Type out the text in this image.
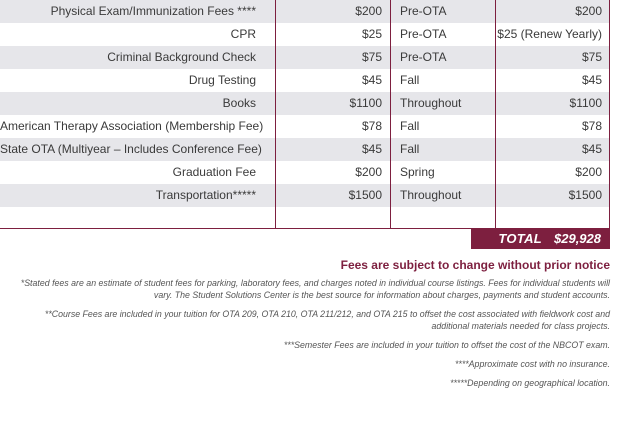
Physical Exam/Immunization Fees ****	$200 Pre-OTA	$200
CPR	$25 Pre-OTA	$25 (Renew Yearly)
Criminal Background Check	$75 Pre-OTA	$75
Drug Testing	$45 Fall	$45
Books	$1100 Throughout	$1100
American Therapy Association (Membership Fee)	$78 Fall	$78
State OTA (Multiyear – Includes Conference Fee)	$45 Fall	$45
Graduation Fee	$200 Spring	$200
Transportation*****	$1500 Throughout	$1500
TOTAL $29,928
Fees are subject to change without prior notice

*Stated fees are an estimate of student fees for parking, laboratory fees, and charges noted in individual course listings. Fees for individual students will vary. The Student Solutions Center is the best source for information about charges, payments and student accounts.

**Course Fees are included in your tuition for OTA 209, OTA 210, OTA 211/212, and OTA 215 to offset the cost associated with fieldwork cost and additional materials needed for class projects.

***Semester Fees are included in your tuition to offset the cost of the NBCOT exam.

****Approximate cost with no insurance.

*****Depending on geographical location.
